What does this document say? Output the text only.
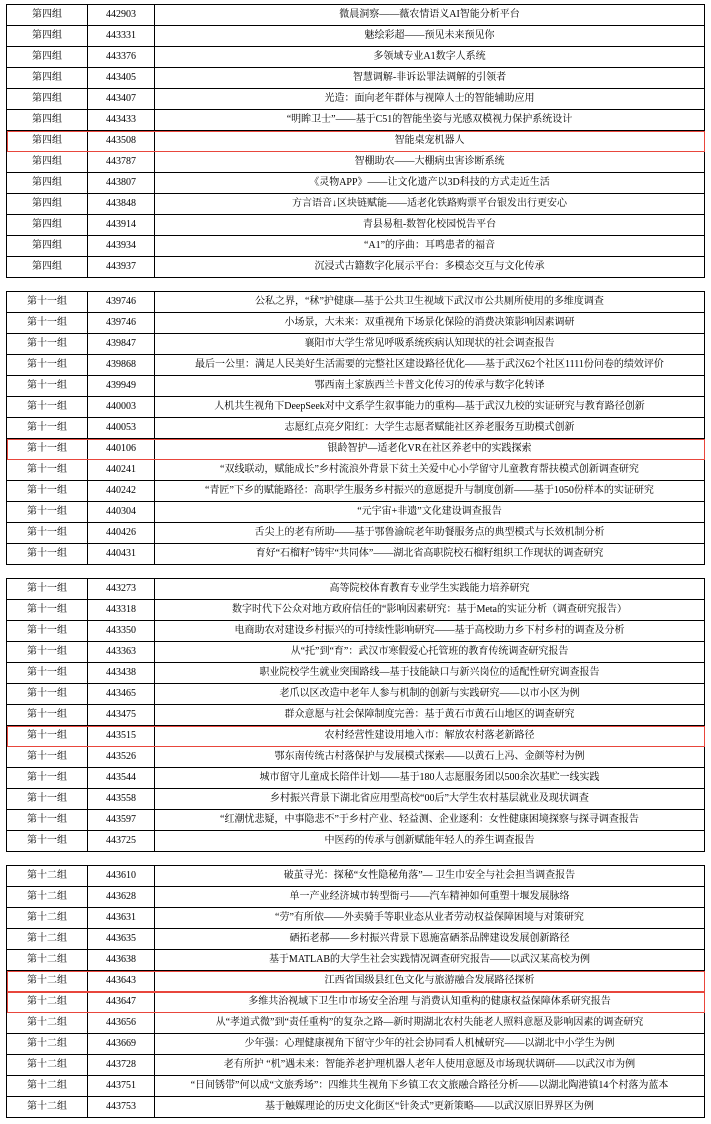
第四组	442903	微晨洞察——薇农情语义AI智能分析平台
第四组	443331	魅绘彩超——预见未来预见你
第四组	443376	多领域专业A1数字人系统
第四组	443405	智慧调解-非诉讼罪法调解的引领者
第四组	443407	光造：面向老年群体与视障人士的智能辅助应用
第四组	443433	“明眸卫士”——基于C51的智能坐姿与光感双模视力保护系统设计
第四组	443508	智能桌宠机器人
第四组	443787	智棚助农——大棚病虫害诊断系统
第四组	443807	《灵物APP》——让文化遗产以3D科技的方式走近生活
第四组	443848	方言语音↓区块链赋能——适老化铁路购票平台银发出行更安心
第四组	443914	青县易租-数智化校园悦告平台
第四组	443934	“A1”的序曲：耳鸣患者的福音
第四组	443937	沉浸式古籍数字化展示平台：多模态交互与文化传承
第十一组	439746	公私之界，“秫”护健康—基于公共卫生视域下武汉市公共厕所使用的多维度调查
第十一组	439746	小场景，大未来：双重视角下场景化保险的消费决策影响因素调研
第十一组	439847	襄阳市大学生常见呼吸系统疾病认知现状的社会调查报告
第十一组	439868	最后一公里：满足人民美好生活需要的完整社区建设路径优化——基于武汉62个社区1111份问卷的绩效评价
第十一组	439949	鄂西南土家族西兰卡普文化传习的传承与数字化转译
第十一组	440003	人机共生视角下DeepSeek对中文系学生叙事能力的重构—基于武汉九校的实证研究与教育路径创新
第十一组	440053	志愿红点亮夕阳红：大学生志愿者赋能社区养老服务互助模式创新
第十一组	440106	银龄智护—适老化VR在社区养老中的实践探索
第十一组	440241	“双线联动，赋能成长”乡村流浪外背景下贫土关爱中心小学留守儿童教育帮扶模式创新调查研究
第十一组	440242	“青匠”下乡的赋能路径：高职学生服务乡村振兴的意愿提升与制度创新——基于1050份样本的实证研究
第十一组	440304	“元宇宙+非遗”文化建设调查报告
第十一组	440426	舌尖上的老有所助——基于鄂鲁渝皖老年助餐服务点的典型模式与长效机制分析
第十一组	440431	育好“石榴籽”铸牢“共同体”——湖北省高职院校石榴籽组织工作现状的调查研究
第十一组	443273	高等院校体育教育专业学生实践能力培养研究
第十一组	443318	数字时代下公众对地方政府信任的“影响因素研究：基于Meta的实证分析（调查研究报告）
第十一组	443350	电商助农对建设乡村振兴的可持续性影响研究——基于高校助力乡下村乡村的调查及分析
第十一组	443363	从“托”到“育”：武汉市寒假爱心托管班的教育传统调查研究报告
第十一组	443438	职业院校学生就业突围路线—基于技能缺口与新兴岗位的适配性研究调查报告
第十一组	443465	老爪以区改造中老年人参与机制的创新与实践研究——以市小区为例
第十一组	443475	群众意愿与社会保障制度完善：基于黄石市黄石山地区的调查研究
第十一组	443515	农村经营性建设用地入市：解放农村落老新路径
第十一组	443526	鄂东南传统古村落保护与发展模式探索——以黄石上冯、金颜等村为例
第十一组	443544	城市留守儿童成长陪伴计划——基于180人志愿服务团以500余次基贮一线实践
第十一组	443558	乡村振兴背景下湖北省应用型高校“00后”大学生农村基层就业及现状调查
第十一组	443597	“红潮忧悲疑，中事隐悲不”于乡村产业、轻益测、企业逐利：女性健康困境探察与探寻调查报告
第十一组	443725	中医药的传承与创新赋能年轻人的养生调查报告
第十二组	443610	破茧寻光：探秘“女性隐秘角落”— 卫生巾安全与社会担当调查报告
第十二组	443628	单一产业经济城市转型衙弓——汽车精神如何重塑十堰发展脉络
第十二组	443631	“劳”有所依——外卖骑手等职业态从业者劳动权益保障困境与对策研究
第十二组	443635	硒拓老郝——乡村振兴背景下恩施富硒茶品牌建设发展创新路径
第十二组	443638	基于MATLAB的大学生社会实践情况调查研究报告——以武汉某高校为例
第十二组	443643	江西省国级县红色文化与旅游融合发展路径探析
第十二组	443647	多维共治视域下卫生巾市场安全治理 与消费认知重构的健康权益保障体系研究报告
第十二组	443656	从“孝道式微”到“责任重构”的复杂之路—新时期湖北农村失能老人照料意愿及影响因素的调查研究
第十二组	443669	少年强：心理健康视角下留守少年的社会协同看人机械研究——以湖北中小学生为例
第十二组	443728	老有所护 “机”遇未来：智能养老护理机器人老年人使用意愿及市场现状调研——以武汉市为例
第十二组	443751	“日间锈带”何以成“文旅秀场”：四维共生视角下乡镇工农文旅融合路径分析——以湖北陶港镇14个村落为蓝本
第十二组	443753	基于触媒理论的历史文化街区“针灸式”更新策略——以武汉原旧界界区为例
